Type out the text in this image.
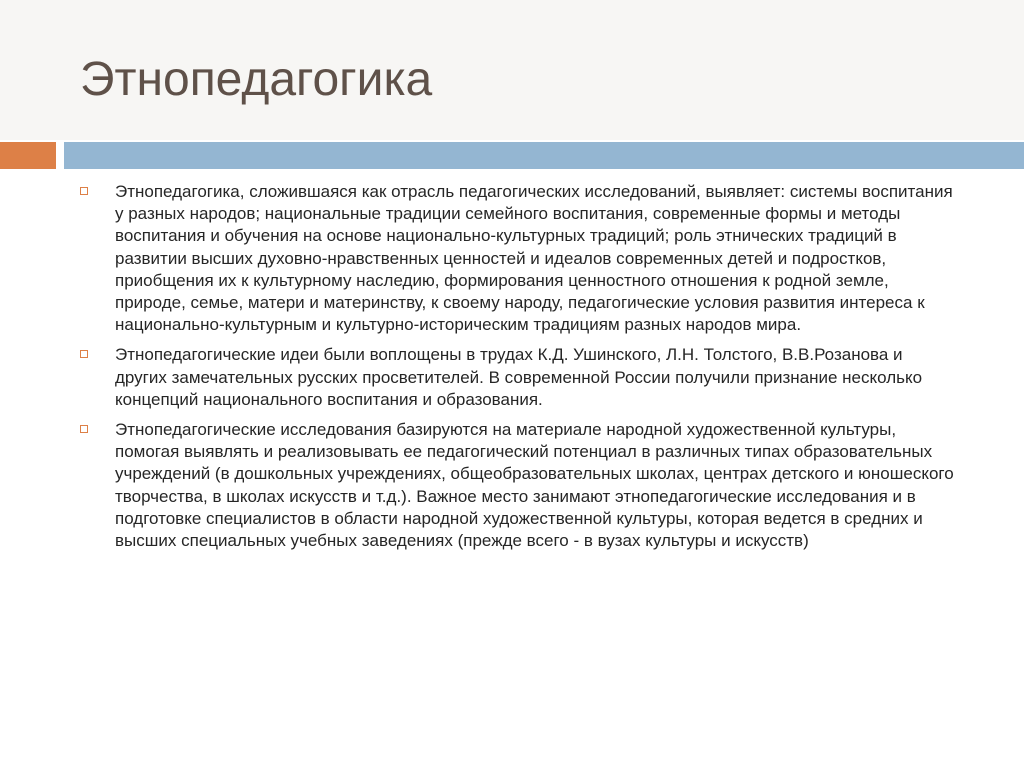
Этнопедагогика
Этнопедагогика, сложившаяся как отрасль педагогических исследований, выявляет: системы воспитания у разных народов; национальные традиции семейного воспитания, современные формы и методы воспитания и обучения на основе национально-культурных традиций; роль этнических традиций в развитии высших духовно-нравственных ценностей и идеалов современных детей и подростков, приобщения их к культурному наследию, формирования ценностного отношения к родной земле, природе, семье, матери и материнству, к своему народу, педагогические условия развития интереса к национально-культурным и культурно-историческим традициям разных народов мира.
Этнопедагогические идеи были воплощены в трудах К.Д. Ушинского, Л.Н. Толстого, В.В.Розанова и других замечательных русских просветителей. В современной России получили признание несколько концепций национального воспитания и образования.
Этнопедагогические исследования базируются на материале народной художественной культуры, помогая выявлять и реализовывать ее педагогический потенциал в различных типах образовательных учреждений (в дошкольных учреждениях, общеобразовательных школах, центрах детского и юношеского творчества, в школах искусств и т.д.). Важное место занимают этнопедагогические исследования и в подготовке специалистов в области народной художественной культуры, которая ведется в средних и высших специальных учебных заведениях (прежде всего - в вузах культуры и искусств)
